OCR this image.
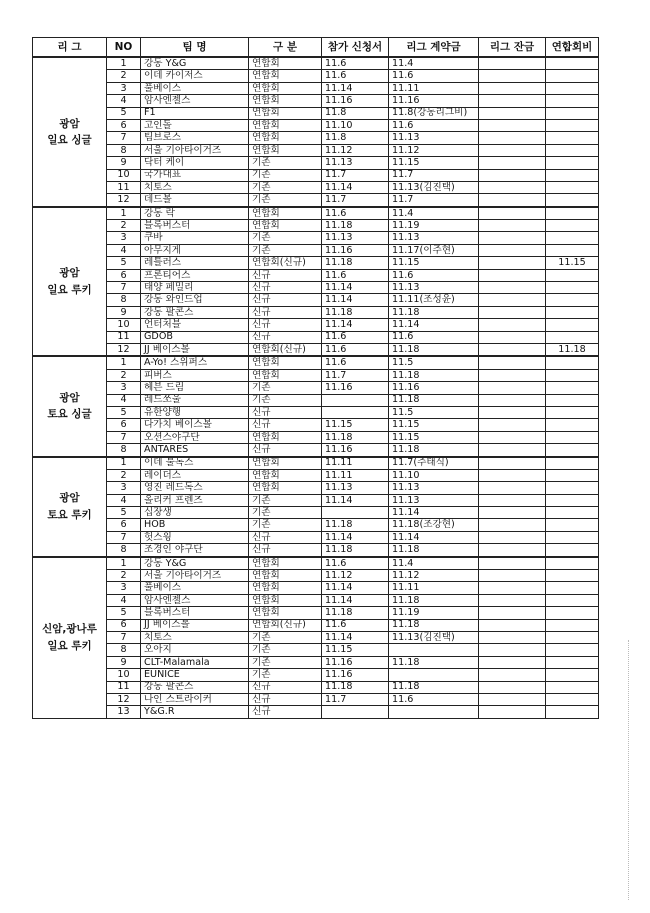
리 그	NO	팀 명	구 분	참가 신청서	리그 계약금	리그 잔금	연합회비

광암
일요 싱글	1	강동 Y&G	연합회	11.6	11.4		
	2	이데 카이저스	연합회	11.6	11.6		
	3	풀베이스	연합회	11.14	11.11		
	4	암사엔젤스	연합회	11.16	11.16		
	5	F1	연합회	11.8	11.8(강동리그비)		
	6	고인돌	연합회	11.10	11.6		
	7	팀브로스	연합회	11.8	11.13		
	8	서울 기아타이거즈	연합회	11.12	11.12		
	9	닥터 케이	기존	11.13	11.15		
	10	국가대표	기존	11.7	11.7		
	11	치토스	기존	11.14	11.13(김진택)		
	12	데드볼	기존	11.7	11.7		

광암
일요 루키	1	강동 락	연합회	11.6	11.4		
	2	블록버스터	연합회	11.18	11.19		
	3	쿠바	기존	11.13	11.13		
	4	아무지게	기존	11.16	11.17(이주현)		
	5	레틀러스	연합회(신규)	11.18	11.15		11.15
	6	프론티어스	신규	11.6	11.6		
	7	태양 페밀리	신규	11.14	11.13		
	8	강동 와인드업	신규	11.14	11.11(조성윤)		
	9	강동 팔콘스	신규	11.18	11.18		
	10	언터처블	신규	11.14	11.14		
	11	GDOB	신규	11.6	11.6		
	12	JJ 베이스볼	연합회(신규)	11.6	11.18		11.18

광암
토요 싱글	1	A-Yo! 스위퍼스	연합회	11.6	11.5		
	2	피버스	연합회	11.7	11.18		
	3	헤븐 드림	기존	11.16	11.16		
	4	레드쏘울	기존		11.18		
	5	유한양행	신규		11.5		
	6	다가치 베이스볼	신규	11.15	11.15		
	7	오션스야구단	연합회	11.18	11.15		
	8	ANTARES	신규	11.16	11.18		

광암
토요 루키	1	이데 불독스	연합회	11.11	11.7(주태식)		
	2	레이더스	연합회	11.11	11.10		
	3	영진 레드독스	연합회	11.13	11.13		
	4	올리커 프렌즈	기존	11.14	11.13		
	5	십장생	기존		11.14		
	6	HOB	기존	11.18	11.18(조강현)		
	7	헛스윙	신규	11.14	11.14		
	8	조경인 야구단	신규	11.18	11.18		

신암,광나루
일요 루키	1	강동 Y&G	연합회	11.6	11.4		
	2	서울 기아타이거즈	연합회	11.12	11.12		
	3	풀베이스	연합회	11.14	11.11		
	4	암사엔젤스	연합회	11.14	11.18		
	5	블록버스터	연합회	11.18	11.19		
	6	JJ 베이스볼	연합회(신규)	11.6	11.18		
	7	치토스	기존	11.14	11.13(김진택)		
	8	오아지	기존	11.15			
	9	CLT-Malamala	기존	11.16	11.18		
	10	EUNICE	기존	11.16			
	11	강동 팔콘스	신규	11.18	11.18		
	12	나인 스트라이커	신규	11.7	11.6		
	13	Y&G.R	신규				
